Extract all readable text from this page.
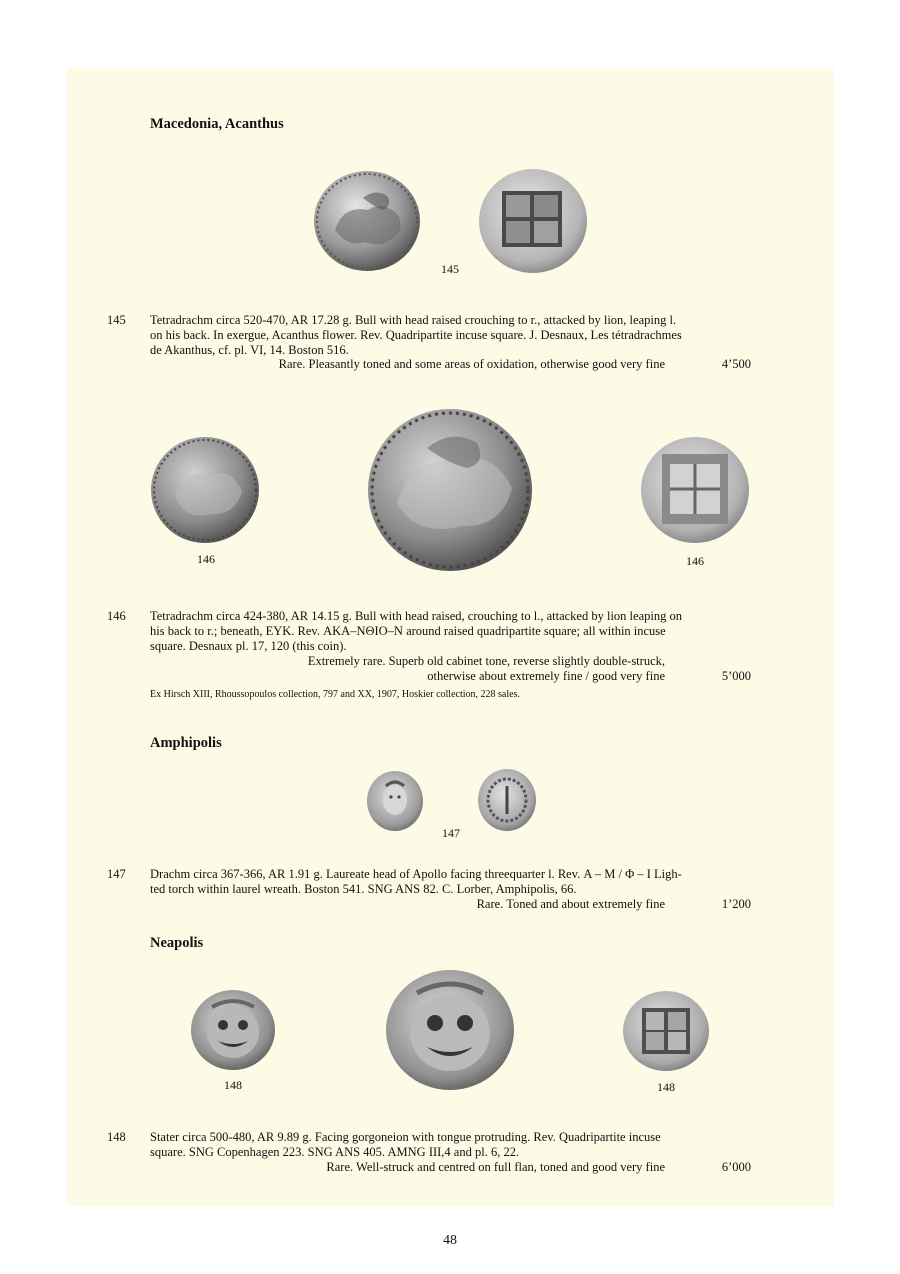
Macedonia, Acanthus
145
145 Tetradrachm circa 520-470, AR 17.28 g. Bull with head raised crouching to r., attacked by lion, leaping l.
on his back. In exergue, Acanthus flower. Rev. Quadripartite incuse square. J. Desnaux, Les tétradrachmes
de Akanthus, cf. pl. VI, 14. Boston 516.
Rare. Pleasantly toned and some areas of oxidation, otherwise good very fine	4’500
146	146
146 Tetradrachm circa 424-380, AR 14.15 g. Bull with head raised, crouching to l., attacked by lion leaping on
his back to r.; beneath, ΕΥΚ. Rev. ΑΚΑ–ΝΘΙΟ–Ν around raised quadripartite square; all within incuse
square. Desnaux pl. 17, 120 (this coin).
Extremely rare. Superb old cabinet tone, reverse slightly double-struck,
otherwise about extremely fine / good very fine	5’000
Ex Hirsch XIII, Rhoussopoulos collection, 797 and XX, 1907, Hoskier collection, 228 sales.
Amphipolis
147
147 Drachm circa 367-366, AR 1.91 g. Laureate head of Apollo facing threequarter l. Rev. Α – Μ / Φ – Ι Ligh-
ted torch within laurel wreath. Boston 541. SNG ANS 82. C. Lorber, Amphipolis, 66.
Rare. Toned and about extremely fine	1’200
Neapolis
148	148
148 Stater circa 500-480, AR 9.89 g. Facing gorgoneion with tongue protruding. Rev. Quadripartite incuse
square. SNG Copenhagen 223. SNG ANS 405. AMNG III,4 and pl. 6, 22.
Rare. Well-struck and centred on full flan, toned and good very fine	6’000
48
